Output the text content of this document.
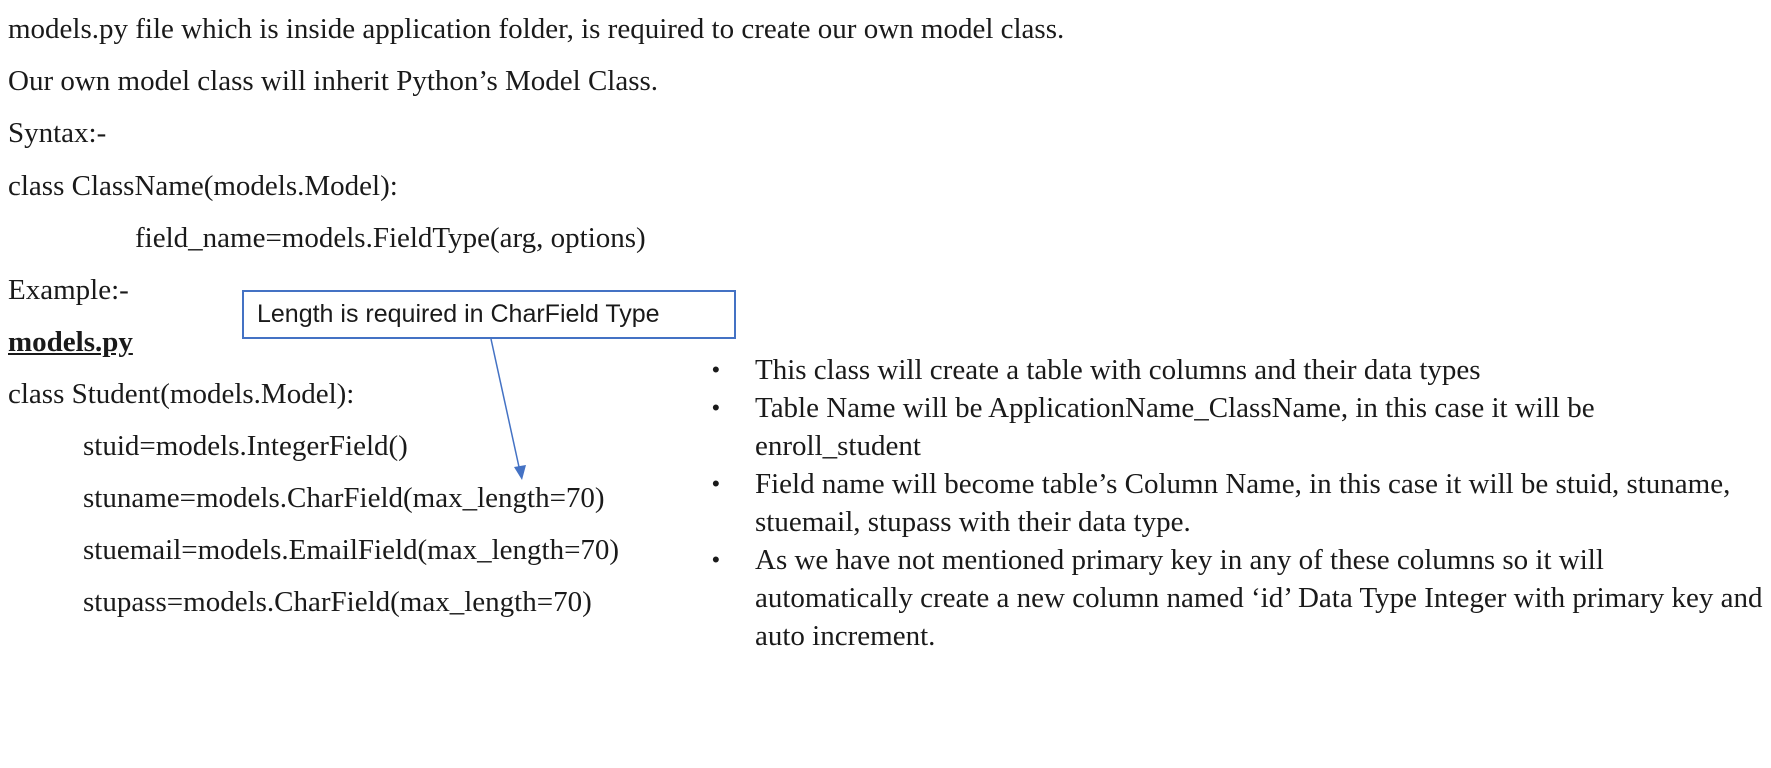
models.py file which is inside application folder, is required to create our own model class.
Our own model class will inherit Python’s Model Class.
Syntax:-
class ClassName(models.Model):
field_name=models.FieldType(arg, options)
Example:-
models.py
class Student(models.Model):
stuid=models.IntegerField()
stuname=models.CharField(max_length=70)
stuemail=models.EmailField(max_length=70)
stupass=models.CharField(max_length=70)
Length is required in CharField Type
• This class will create a table with columns and their data types
• Table Name will be ApplicationName_ClassName, in this case it will be enroll_student
• Field name will become table’s Column Name, in this case it will be stuid, stuname, stuemail, stupass with their data type.
• As we have not mentioned primary key in any of these columns so it will automatically create a new column named ‘id’ Data Type Integer with primary key and auto increment.
